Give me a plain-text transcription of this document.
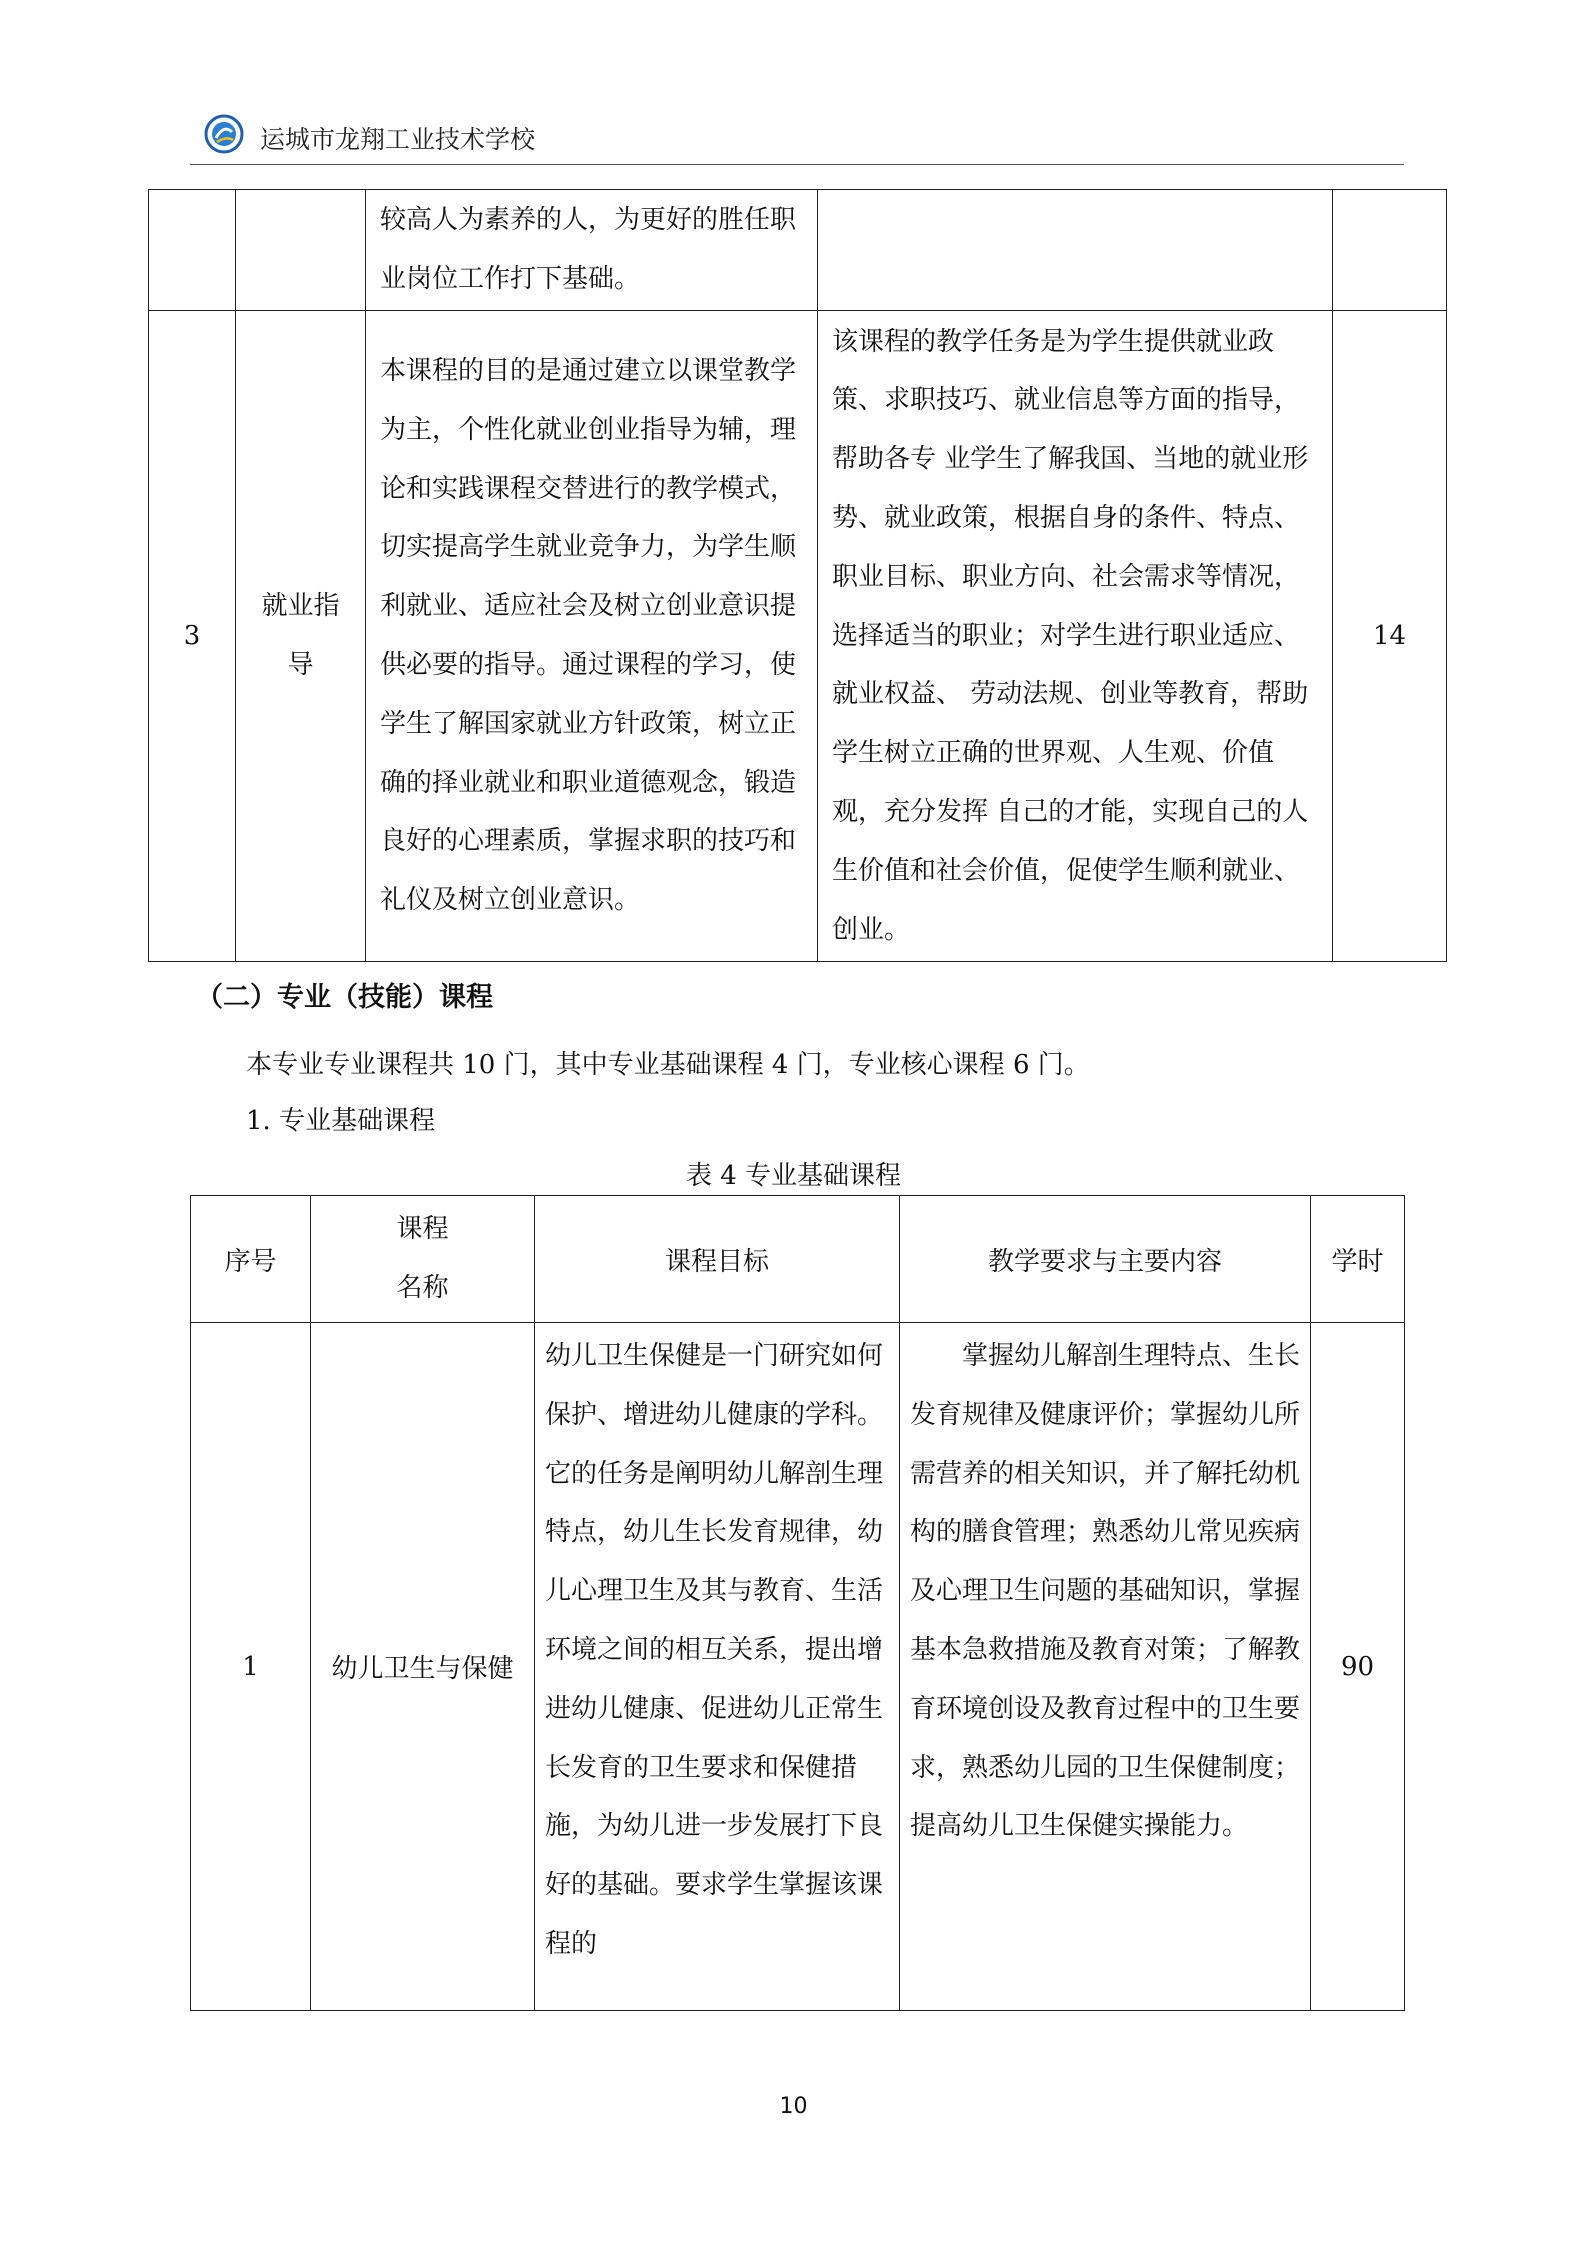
运城市龙翔工业技术学校

		较高人为素养的人，为更好的胜任职业岗位工作打下基础。		

3	就业指导	本课程的目的是通过建立以课堂教学为主，个性化就业创业指导为辅，理论和实践课程交替进行的教学模式，切实提高学生就业竞争力，为学生顺利就业、适应社会及树立创业意识提供必要的指导。通过课程的学习，使学生了解国家就业方针政策，树立正确的择业就业和职业道德观念，锻造良好的心理素质，掌握求职的技巧和礼仪及树立创业意识。	该课程的教学任务是为学生提供就业政策、求职技巧、就业信息等方面的指导，帮助各专 业学生了解我国、当地的就业形势、就业政策，根据自身的条件、特点、职业目标、职业方向、社会需求等情况，选择适当的职业；对学生进行职业适应、就业权益、 劳动法规、创业等教育，帮助学生树立正确的世界观、人生观、价值观，充分发挥 自己的才能，实现自己的人生价值和社会价值，促使学生顺利就业、创业。	14
（二）专业（技能）课程
本专业专业课程共 10 门，其中专业基础课程 4 门，专业核心课程 6 门。
1. 专业基础课程
表 4 专业基础课程
序号	课程名称	课程目标	教学要求与主要内容	学时
1	幼儿卫生与保健	幼儿卫生保健是一门研究如何保护、增进幼儿健康的学科。它的任务是阐明幼儿解剖生理特点，幼儿生长发育规律，幼儿心理卫生及其与教育、生活环境之间的相互关系，提出增进幼儿健康、促进幼儿正常生长发育的卫生要求和保健措施，为幼儿进一步发展打下良好的基础。要求学生掌握该课程的	掌握幼儿解剖生理特点、生长发育规律及健康评价；掌握幼儿所需营养的相关知识，并了解托幼机构的膳食管理；熟悉幼儿常见疾病及心理卫生问题的基础知识，掌握基本急救措施及教育对策；了解教育环境创设及教育过程中的卫生要求，熟悉幼儿园的卫生保健制度；提高幼儿卫生保健实操能力。	90
10
